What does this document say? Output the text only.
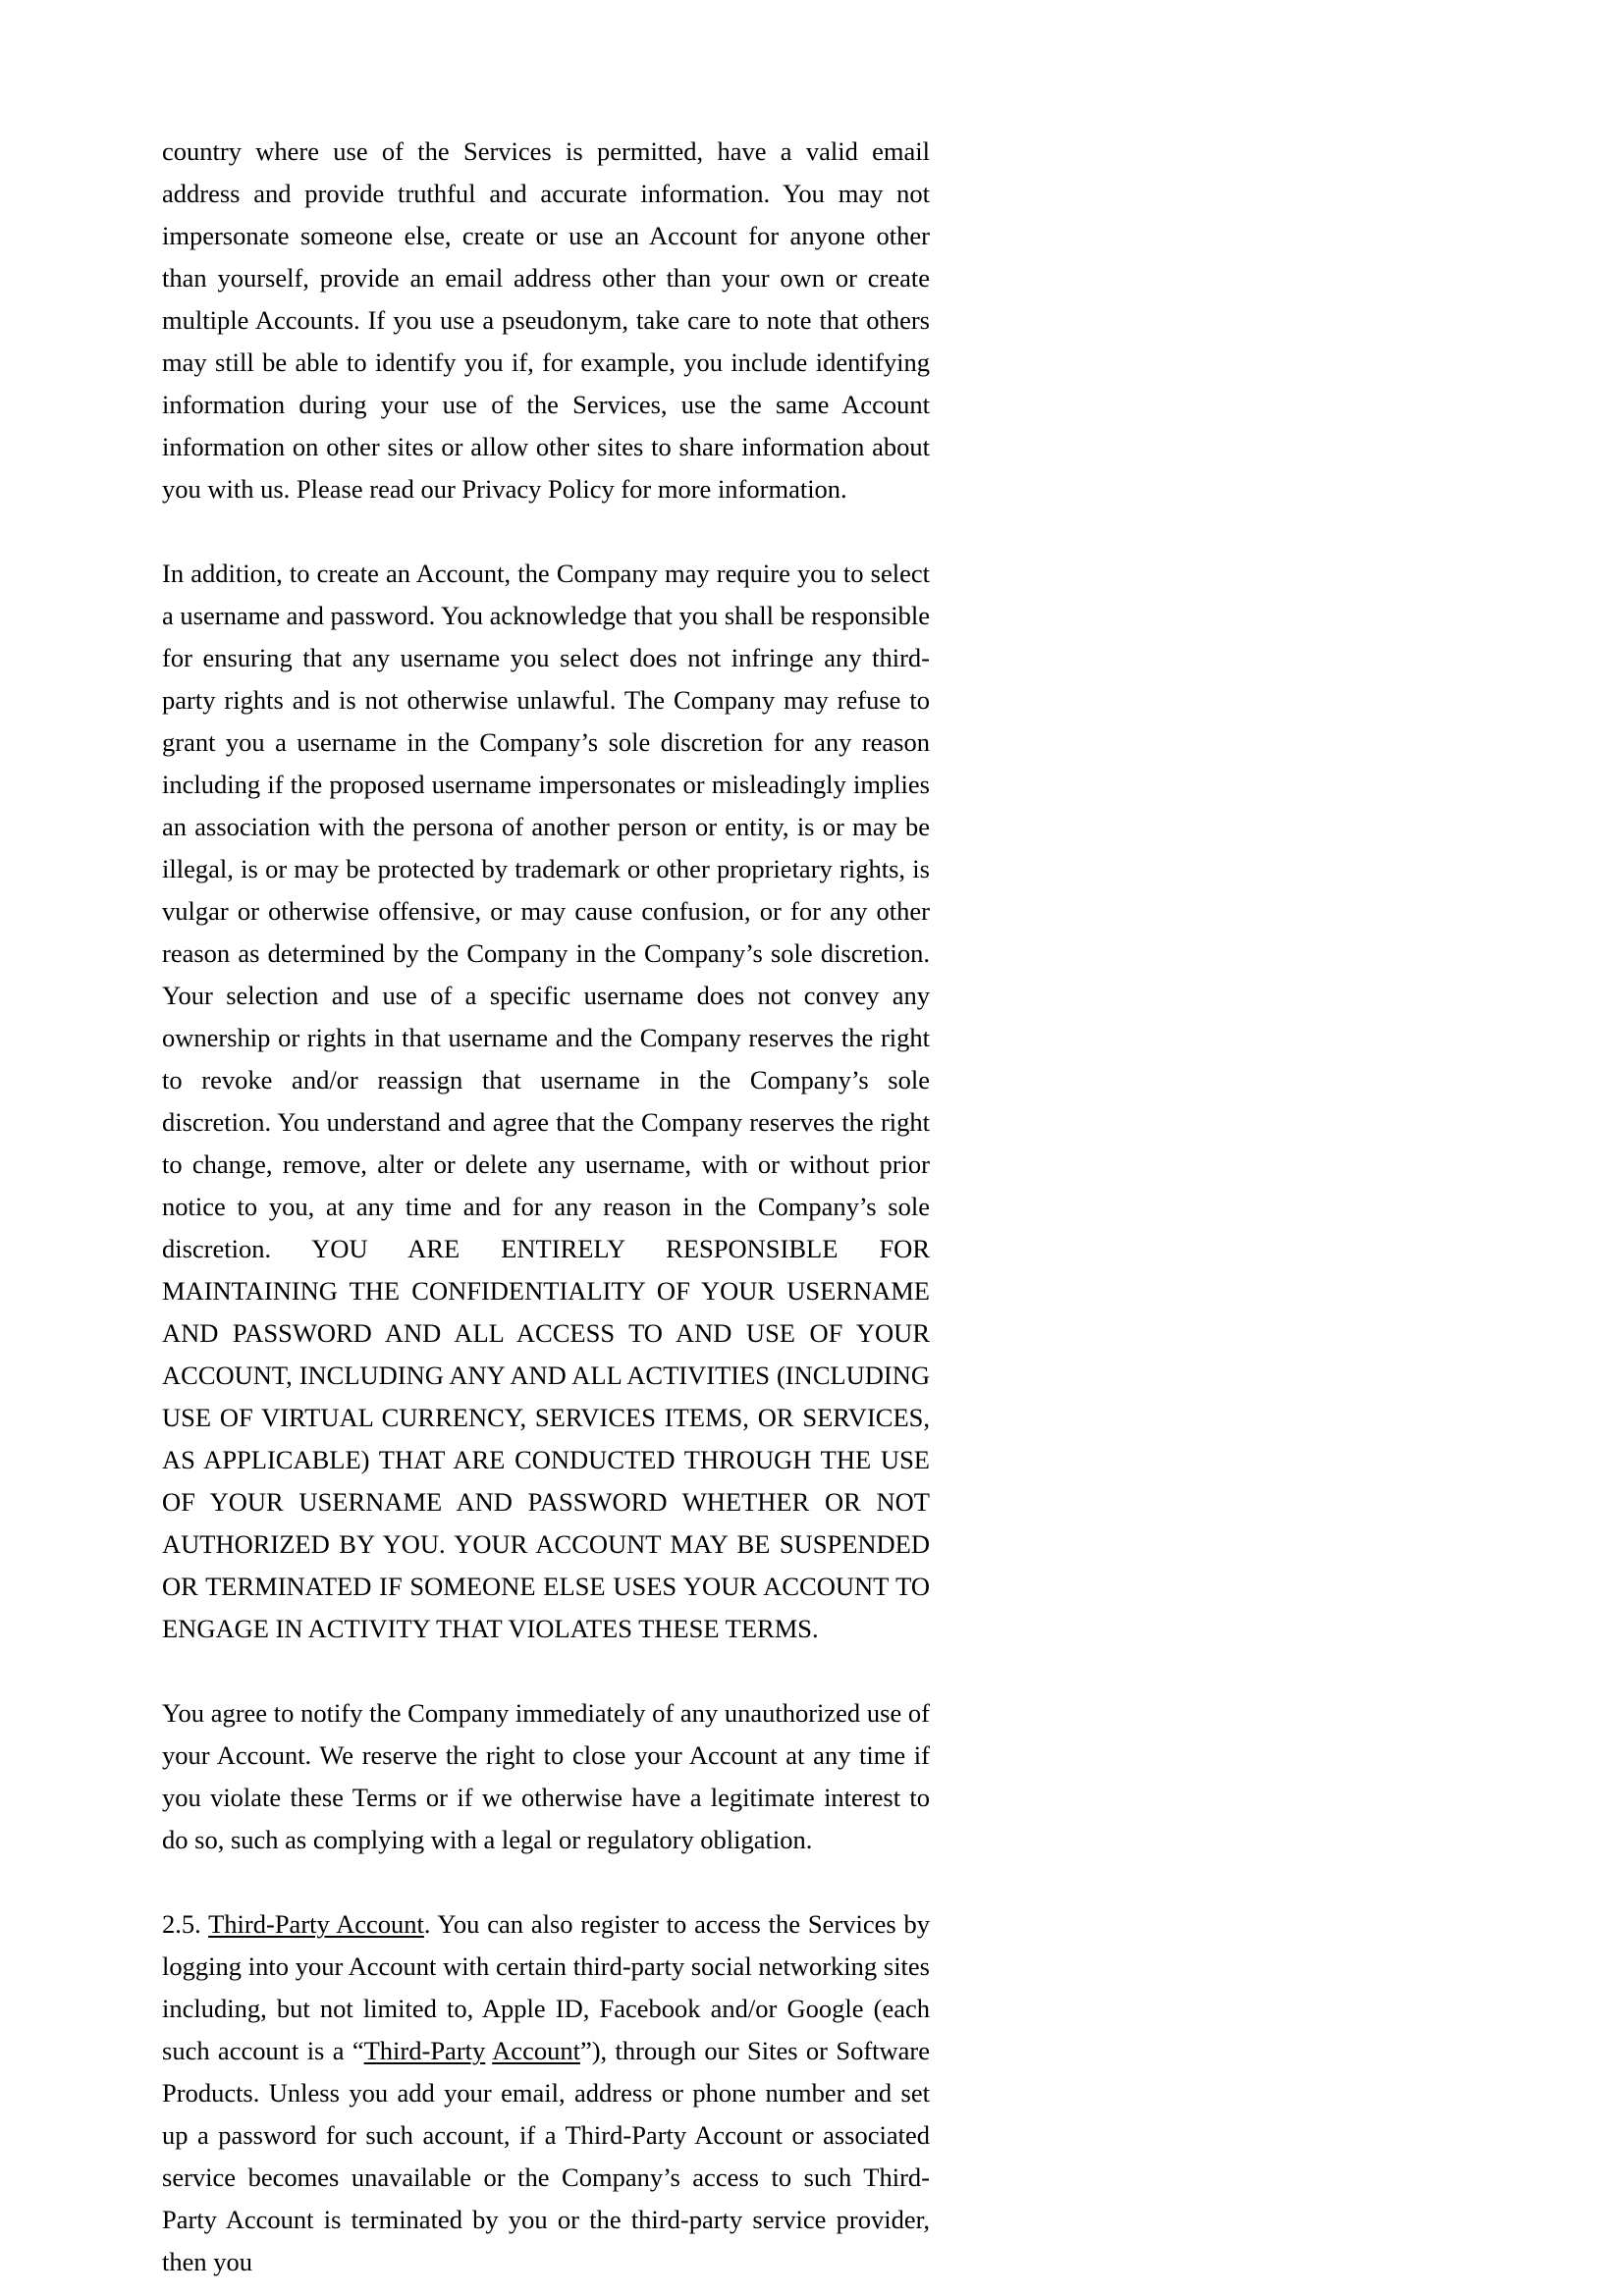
country where use of the Services is permitted, have a valid email address and provide truthful and accurate information. You may not impersonate someone else, create or use an Account for anyone other than yourself, provide an email address other than your own or create multiple Accounts. If you use a pseudonym, take care to note that others may still be able to identify you if, for example, you include identifying information during your use of the Services, use the same Account information on other sites or allow other sites to share information about you with us. Please read our Privacy Policy for more information.

In addition, to create an Account, the Company may require you to select a username and password. You acknowledge that you shall be responsible for ensuring that any username you select does not infringe any third-party rights and is not otherwise unlawful. The Company may refuse to grant you a username in the Company’s sole discretion for any reason including if the proposed username impersonates or misleadingly implies an association with the persona of another person or entity, is or may be illegal, is or may be protected by trademark or other proprietary rights, is vulgar or otherwise offensive, or may cause confusion, or for any other reason as determined by the Company in the Company’s sole discretion. Your selection and use of a specific username does not convey any ownership or rights in that username and the Company reserves the right to revoke and/or reassign that username in the Company’s sole discretion. You understand and agree that the Company reserves the right to change, remove, alter or delete any username, with or without prior notice to you, at any time and for any reason in the Company’s sole discretion. YOU ARE ENTIRELY RESPONSIBLE FOR MAINTAINING THE CONFIDENTIALITY OF YOUR USERNAME AND PASSWORD AND ALL ACCESS TO AND USE OF YOUR ACCOUNT, INCLUDING ANY AND ALL ACTIVITIES (INCLUDING USE OF VIRTUAL CURRENCY, SERVICES ITEMS, OR SERVICES, AS APPLICABLE) THAT ARE CONDUCTED THROUGH THE USE OF YOUR USERNAME AND PASSWORD WHETHER OR NOT AUTHORIZED BY YOU. YOUR ACCOUNT MAY BE SUSPENDED OR TERMINATED IF SOMEONE ELSE USES YOUR ACCOUNT TO ENGAGE IN ACTIVITY THAT VIOLATES THESE TERMS.

You agree to notify the Company immediately of any unauthorized use of your Account. We reserve the right to close your Account at any time if you violate these Terms or if we otherwise have a legitimate interest to do so, such as complying with a legal or regulatory obligation.

2.5. Third-Party Account. You can also register to access the Services by logging into your Account with certain third-party social networking sites including, but not limited to, Apple ID, Facebook and/or Google (each such account is a “Third-Party Account”), through our Sites or Software Products. Unless you add your email, address or phone number and set up a password for such account, if a Third-Party Account or associated service becomes unavailable or the Company’s access to such Third-Party Account is terminated by you or the third-party service provider, then you
